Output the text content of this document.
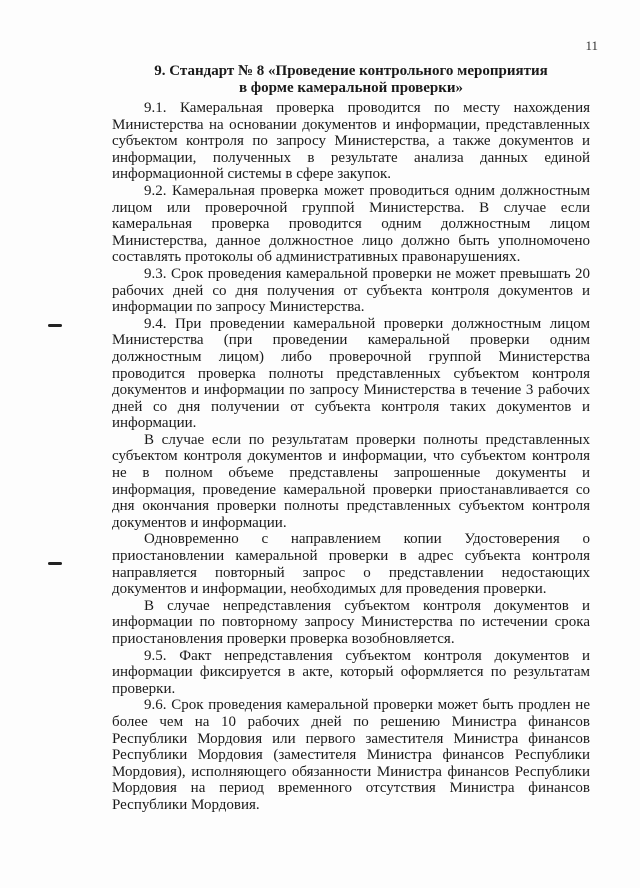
11
9. Стандарт № 8 «Проведение контрольного мероприятия
в форме камеральной проверки»

9.1. Камеральная проверка проводится по месту нахождения Министерства на основании документов и информации, представленных субъектом контроля по запросу Министерства, а также документов и информации, полученных в результате анализа данных единой информационной системы в сфере закупок.

9.2. Камеральная проверка может проводиться одним должностным лицом или проверочной группой Министерства. В случае если камеральная проверка проводится одним должностным лицом Министерства, данное должностное лицо должно быть уполномочено составлять протоколы об административных правонарушениях.

9.3. Срок проведения камеральной проверки не может превышать 20 рабочих дней со дня получения от субъекта контроля документов и информации по запросу Министерства.

9.4. При проведении камеральной проверки должностным лицом Министерства (при проведении камеральной проверки одним должностным лицом) либо проверочной группой Министерства проводится проверка полноты представленных субъектом контроля документов и информации по запросу Министерства в течение 3 рабочих дней со дня получении от субъекта контроля таких документов и информации.

В случае если по результатам проверки полноты представленных субъектом контроля документов и информации, что субъектом контроля не в полном объеме представлены запрошенные документы и информация, проведение камеральной проверки приостанавливается со дня окончания проверки полноты представленных субъектом контроля документов и информации.

Одновременно с направлением копии Удостоверения о приостановлении камеральной проверки в адрес субъекта контроля направляется повторный запрос о представлении недостающих документов и информации, необходимых для проведения проверки.

В случае непредставления субъектом контроля документов и информации по повторному запросу Министерства по истечении срока приостановления проверки проверка возобновляется.

9.5. Факт непредставления субъектом контроля документов и информации фиксируется в акте, который оформляется по результатам проверки.

9.6. Срок проведения камеральной проверки может быть продлен не более чем на 10 рабочих дней по решению Министра финансов Республики Мордовия или первого заместителя Министра финансов Республики Мордовия (заместителя Министра финансов Республики Мордовия), исполняющего обязанности Министра финансов Республики Мордовия на период временного отсутствия Министра финансов Республики Мордовия.
